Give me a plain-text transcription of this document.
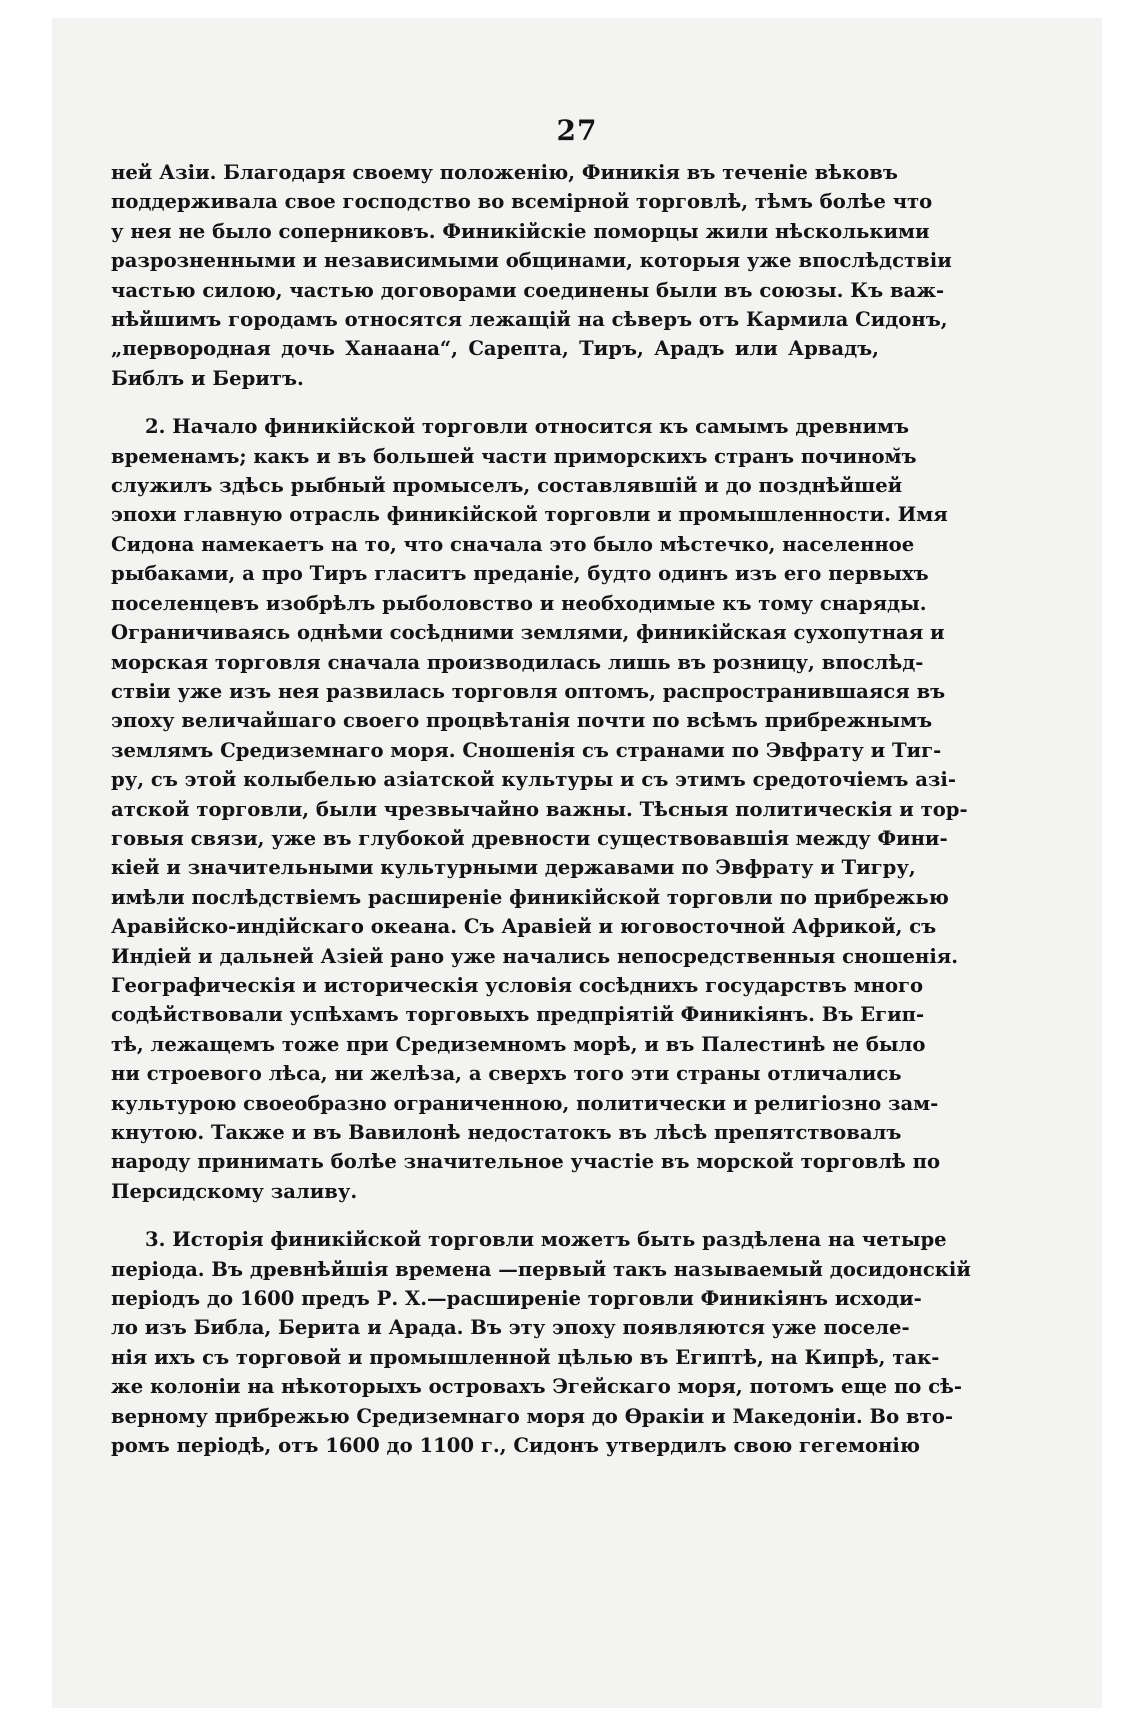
27
ней Азіи. Благодаря своему положенію, Финикія въ теченіе вѣковъ
поддерживала свое господство во всемірной торговлѣ, тѣмъ болѣе что
у нея не было соперниковъ. Финикійскіе поморцы жили нѣсколькими
разрозненными и независимыми общинами, которыя уже впослѣдствіи
частью силою, частью договорами соединены были въ союзы. Къ важ-
нѣйшимъ городамъ относятся лежащій на сѣверъ отъ Кармила Сидонъ,
„первородная дочь Ханаана“, Сарепта, Тиръ, Арадъ или Арвадъ,
Библъ и Беритъ.
2. Начало финикійской торговли относится къ самымъ древнимъ
временамъ; какъ и въ большей части приморскихъ странъ почином̆ъ
служилъ здѣсь рыбный промыселъ, составлявшій и до позднѣйшей
эпохи главную отрасль финикійской торговли и промышленности. Имя
Сидона намекаетъ на то, что сначала это было мѣстечко, населенное
рыбаками, а про Тиръ гласитъ преданіе, будто одинъ изъ его первыхъ
поселенцевъ изобрѣлъ рыболовство и необходимые къ тому снаряды.
Ограничиваясь однѣми сосѣдними землями, финикійская сухопутная и
морская торговля сначала производилась лишь въ розницу, впослѣд-
ствіи уже изъ нея развилась торговля оптомъ, распространившаяся въ
эпоху величайшаго своего процвѣтанія почти по всѣмъ прибрежнымъ
землямъ Средиземнаго моря. Сношенія съ странами по Эвфрату и Тиг-
ру, съ этой колыбелью азіатской культуры и съ этимъ средоточіемъ азі-
атской торговли, были чрезвычайно важны. Тѣсныя политическія и тор-
говыя связи, уже въ глубокой древности существовавшія между Фини-
кіей и значительными культурными державами по Эвфрату и Тигру,
имѣли послѣдствіемъ расширеніе финикійской торговли по прибрежью
Аравійско-индійскаго океана. Съ Аравіей и юговосточной Африкой, съ
Индіей и дальней Азіей рано уже начались непосредственныя сношенія.
Географическія и историческія условія сосѣднихъ государствъ много
содѣйствовали успѣхамъ торговыхъ предпріятій Финикіянъ. Въ Егип-
тѣ, лежащемъ тоже при Средиземномъ морѣ, и въ Палестинѣ не было
ни строевого лѣса, ни желѣза, а сверхъ того эти страны отличались
культурою своеобразно ограниченною, политически и религіозно зам-
кнутою. Также и въ Вавилонѣ недостатокъ въ лѣсѣ препятствовалъ
народу принимать болѣе значительное участіе въ морской торговлѣ по
Персидскому заливу.
3. Исторія финикійской торговли можетъ быть раздѣлена на четыре
періода. Въ древнѣйшія времена —первый такъ называемый досидонскій
періодъ до 1600 предъ Р. Х.—расширеніе торговли Финикіянъ исходи-
ло изъ Библа, Берита и Арада. Въ эту эпоху появляются уже поселе-
нія ихъ съ торговой и промышленной цѣлью въ Египтѣ, на Кипрѣ, так-
же колоніи на нѣкоторыхъ островахъ Эгейскаго моря, потомъ еще по сѣ-
верному прибрежью Средиземнаго моря до Ѳракіи и Македоніи. Во вто-
ромъ періодѣ, отъ 1600 до 1100 г., Сидонъ утвердилъ свою гегемонію
